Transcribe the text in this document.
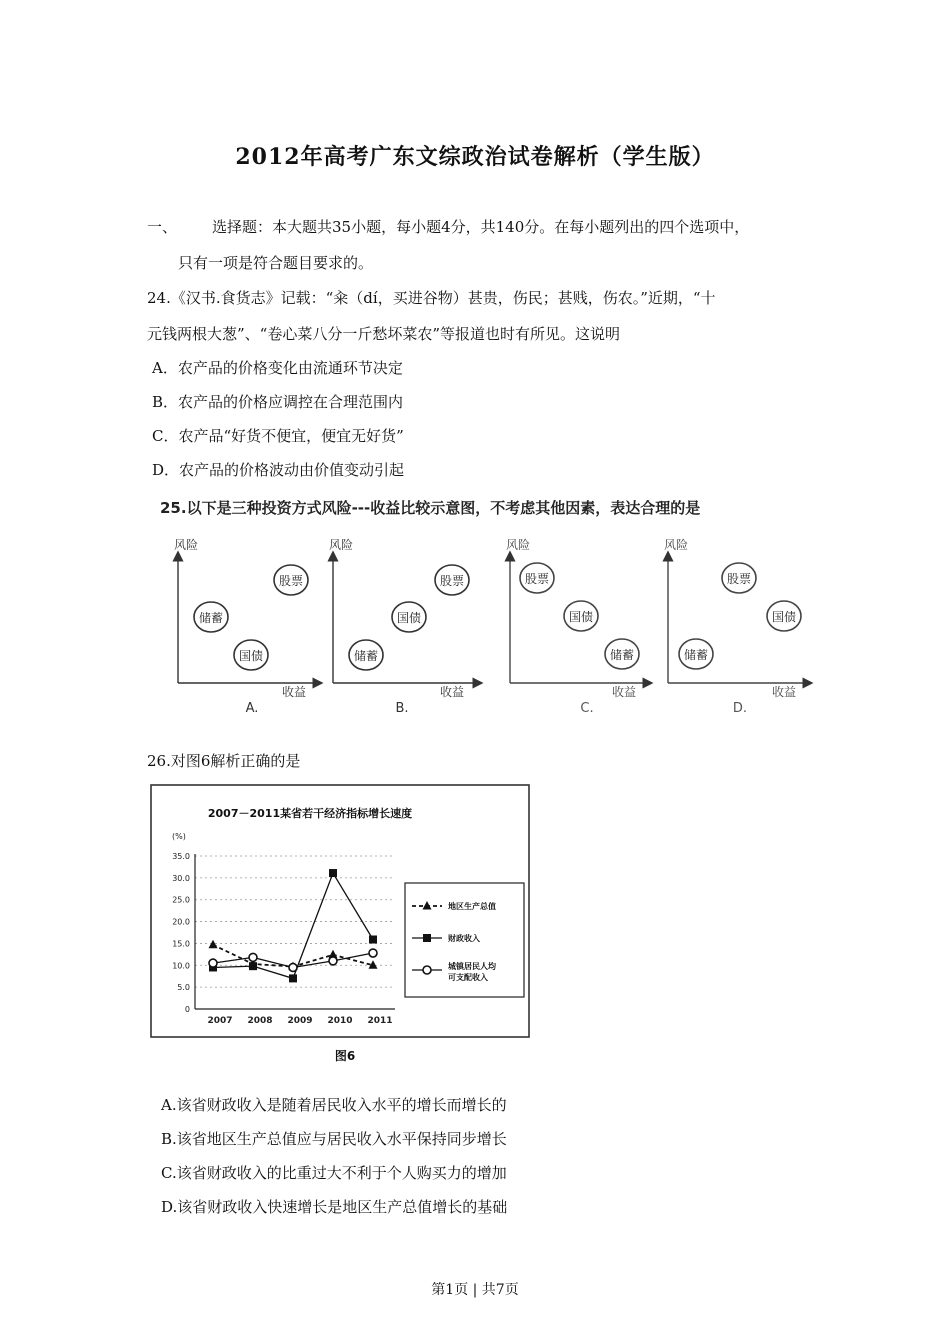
2012年高考广东文综政治试卷解析（学生版）
一、 选择题：本大题共35小题，每小题4分，共140分。在每小题列出的四个选项中，
只有一项是符合题目要求的。
24.《汉书.食货志》记载：“籴（dí，买进谷物）甚贵，伤民；甚贱，伤农。”近期，“十
元钱两根大葱”、“卷心菜八分一斤愁坏菜农”等报道也时有所见。这说明
A．农产品的价格变化由流通环节决定
B．农产品的价格应调控在合理范围内
C．农产品“好货不便宜，便宜无好货”
D．农产品的价格波动由价值变动引起
25.以下是三种投资方式风险---收益比较示意图，不考虑其他因素，表达合理的是
风险
收益
股票
储蓄
国债
A.
风险
收益
股票
储蓄
国债
B.
风险
收益
股票
储蓄
国债
C.
风险
收益
股票
储蓄
国债
D.
26.对图6解析正确的是
2007－2011某省若干经济指标增长速度
(%)
0
5.0
10.0
15.0
20.0
25.0
30.0
35.0
2007 2008 2009 2010 2011
地区生产总值
财政收入
城镇居民人均
可支配收入
图6
A.该省财政收入是随着居民收入水平的增长而增长的
B.该省地区生产总值应与居民收入水平保持同步增长
C.该省财政收入的比重过大不利于个人购买力的增加
D.该省财政收入快速增长是地区生产总值增长的基础
第1页 | 共7页
